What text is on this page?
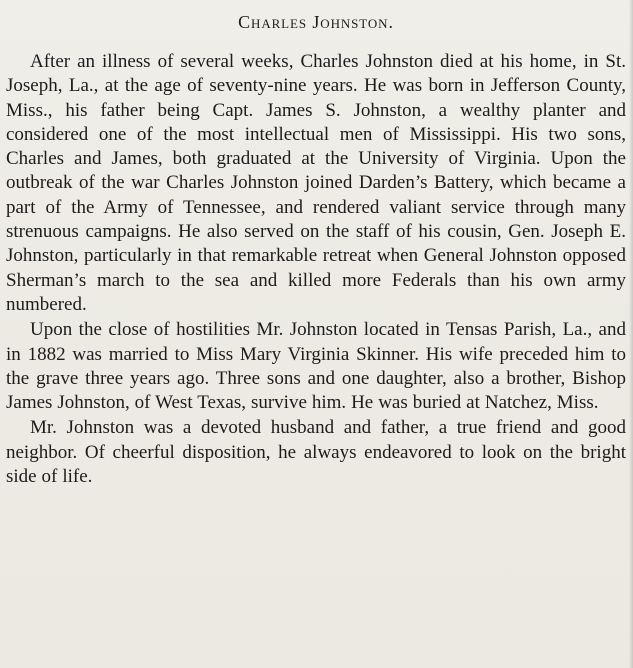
Charles Johnston.

After an illness of several weeks, Charles Johnston died at his home, in St. Joseph, La., at the age of seventy-nine years. He was born in Jefferson County, Miss., his father being Capt. James S. Johnston, a wealthy planter and considered one of the most intellectual men of Mississippi. His two sons, Charles and James, both graduated at the University of Virginia. Upon the outbreak of the war Charles Johnston joined Darden’s Battery, which became a part of the Army of Tennessee, and rendered valiant service through many strenuous campaigns. He also served on the staff of his cousin, Gen. Joseph E. Johnston, particularly in that remarkable retreat when General Johnston opposed Sherman’s march to the sea and killed more Federals than his own army numbered.

Upon the close of hostilities Mr. Johnston located in Tensas Parish, La., and in 1882 was married to Miss Mary Virginia Skinner. His wife preceded him to the grave three years ago. Three sons and one daughter, also a brother, Bishop James Johnston, of West Texas, survive him. He was buried at Natchez, Miss.

Mr. Johnston was a devoted husband and father, a true friend and good neighbor. Of cheerful disposition, he always endeavored to look on the bright side of life.
